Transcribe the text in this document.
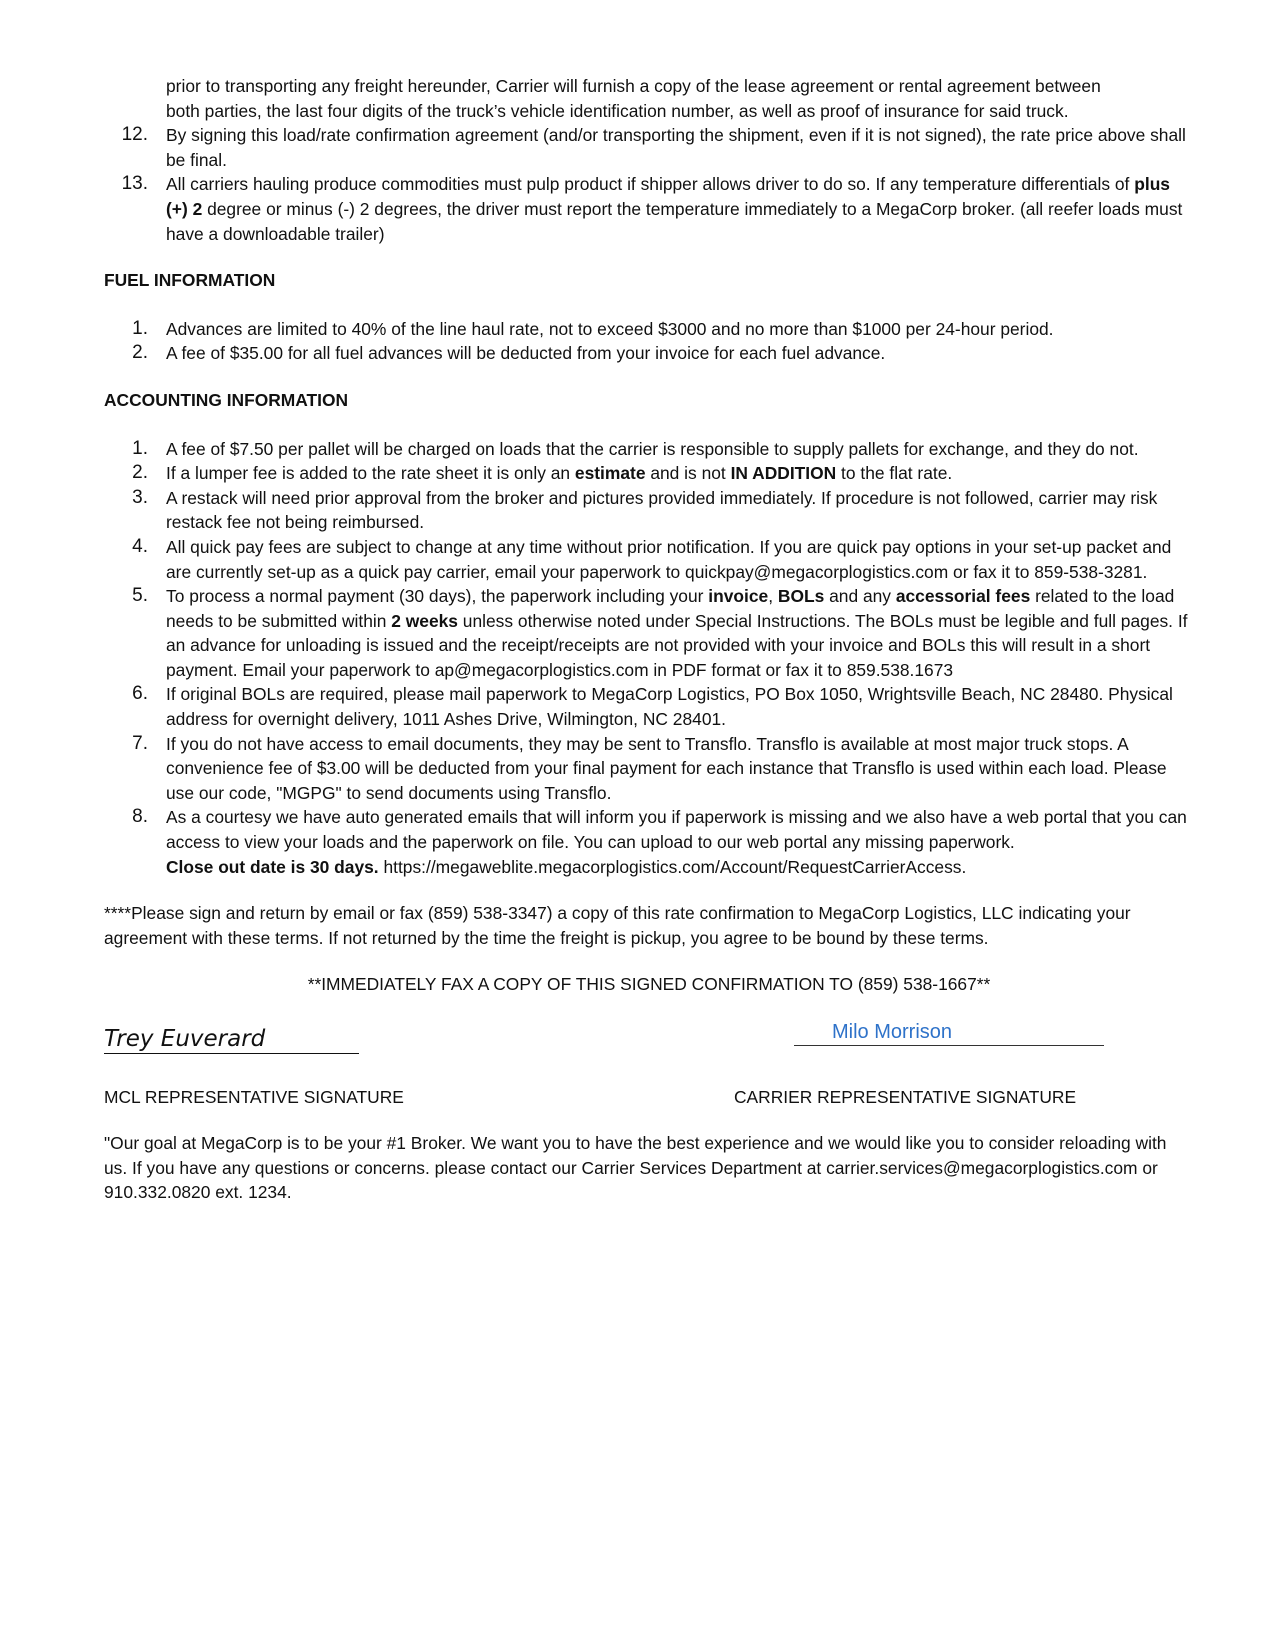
prior to transporting any freight hereunder, Carrier will furnish a copy of the lease agreement or rental agreement between
both parties, the last four digits of the truck’s vehicle identification number, as well as proof of insurance for said truck.
12. By signing this load/rate confirmation agreement (and/or transporting the shipment, even if it is not signed), the rate price above shall be final.
13. All carriers hauling produce commodities must pulp product if shipper allows driver to do so. If any temperature differentials of plus (+) 2 degree or minus (-) 2 degrees, the driver must report the temperature immediately to a MegaCorp broker. (all reefer loads must have a downloadable trailer)
FUEL INFORMATION
1. Advances are limited to 40% of the line haul rate, not to exceed $3000 and no more than $1000 per 24-hour period.
2. A fee of $35.00 for all fuel advances will be deducted from your invoice for each fuel advance.
ACCOUNTING INFORMATION
1. A fee of $7.50 per pallet will be charged on loads that the carrier is responsible to supply pallets for exchange, and they do not.
2. If a lumper fee is added to the rate sheet it is only an estimate and is not IN ADDITION to the flat rate.
3. A restack will need prior approval from the broker and pictures provided immediately. If procedure is not followed, carrier may risk restack fee not being reimbursed.
4. All quick pay fees are subject to change at any time without prior notification. If you are quick pay options in your set-up packet and are currently set-up as a quick pay carrier, email your paperwork to quickpay@megacorplogistics.com or fax it to 859-538-3281.
5. To process a normal payment (30 days), the paperwork including your invoice, BOLs and any accessorial fees related to the load needs to be submitted within 2 weeks unless otherwise noted under Special Instructions. The BOLs must be legible and full pages. If an advance for unloading is issued and the receipt/receipts are not provided with your invoice and BOLs this will result in a short payment. Email your paperwork to ap@megacorplogistics.com in PDF format or fax it to 859.538.1673
6. If original BOLs are required, please mail paperwork to MegaCorp Logistics, PO Box 1050, Wrightsville Beach, NC 28480. Physical address for overnight delivery, 1011 Ashes Drive, Wilmington, NC 28401.
7. If you do not have access to email documents, they may be sent to Transflo. Transflo is available at most major truck stops. A convenience fee of $3.00 will be deducted from your final payment for each instance that Transflo is used within each load. Please use our code, "MGPG" to send documents using Transflo.
8. As a courtesy we have auto generated emails that will inform you if paperwork is missing and we also have a web portal that you can access to view your loads and the paperwork on file. You can upload to our web portal any missing paperwork.
Close out date is 30 days. https://megaweblite.megacorplogistics.com/Account/RequestCarrierAccess.
****Please sign and return by email or fax (859) 538-3347) a copy of this rate confirmation to MegaCorp Logistics, LLC indicating your agreement with these terms. If not returned by the time the freight is pickup, you agree to be bound by these terms.
**IMMEDIATELY FAX A COPY OF THIS SIGNED CONFIRMATION TO (859) 538-1667**
Trey Euverard	Milo Morrison
MCL REPRESENTATIVE SIGNATURE	CARRIER REPRESENTATIVE SIGNATURE
"Our goal at MegaCorp is to be your #1 Broker. We want you to have the best experience and we would like you to consider reloading with us. If you have any questions or concerns. please contact our Carrier Services Department at carrier.services@megacorplogistics.com or 910.332.0820 ext. 1234.
